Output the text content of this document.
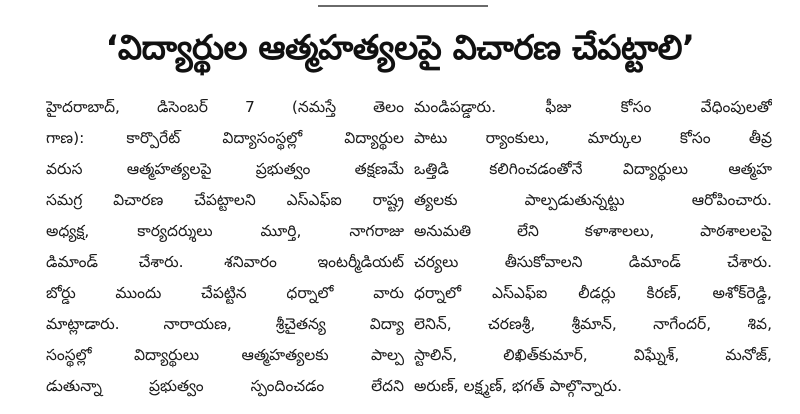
‘విద్యార్థుల ఆత్మహత్యలపై విచారణ చేపట్టాలి’
హైదరాబాద్, డిసెంబర్ 7 (నమస్తే తెలం
గాణ): కార్పొరేట్ విద్యాసంస్థల్లో విద్యార్థుల
వరుస ఆత్మహత్యలపై ప్రభుత్వం తక్షణమే
సమగ్ర విచారణ చేపట్టాలని ఎస్ఎఫ్ఐ రాష్ట్ర
అధ్యక్ష, కార్యదర్శులు మూర్తి, నాగరాజు
డిమాండ్ చేశారు. శనివారం ఇంటర్మీడియట్
బోర్డు ముందు చేపట్టిన ధర్నాలో వారు
మాట్లాడారు. నారాయణ, శ్రీచైతన్య విద్యా
సంస్థల్లో విద్యార్థులు ఆత్మహత్యలకు పాల్ప
డుతున్నా ప్రభుత్వం స్పందించడం లేదని
మండిపడ్డారు. ఫీజు కోసం వేధింపులతో
పాటు ర్యాంకులు, మార్కుల కోసం తీవ్ర
ఒత్తిడి కలిగించడంతోనే విద్యార్థులు ఆత్మహ
త్యలకు పాల్పడుతున్నట్టు ఆరోపించారు.
అనుమతి లేని కళాశాలలు, పాఠశాలలపై
చర్యలు తీసుకోవాలని డిమాండ్ చేశారు.
ధర్నాలో ఎస్ఎఫ్ఐ లీడర్లు కిరణ్, అశోక్‌రెడ్డి,
లెనిన్, చరణశ్రీ, శ్రీమాన్, నాగేందర్, శివ,
స్టాలిన్, లిఖిత్‌కుమార్, విఘ్నేశ్, మనోజ్,
అరుణ్, లక్ష్మణ్, భగత్ పాల్గొన్నారు.
